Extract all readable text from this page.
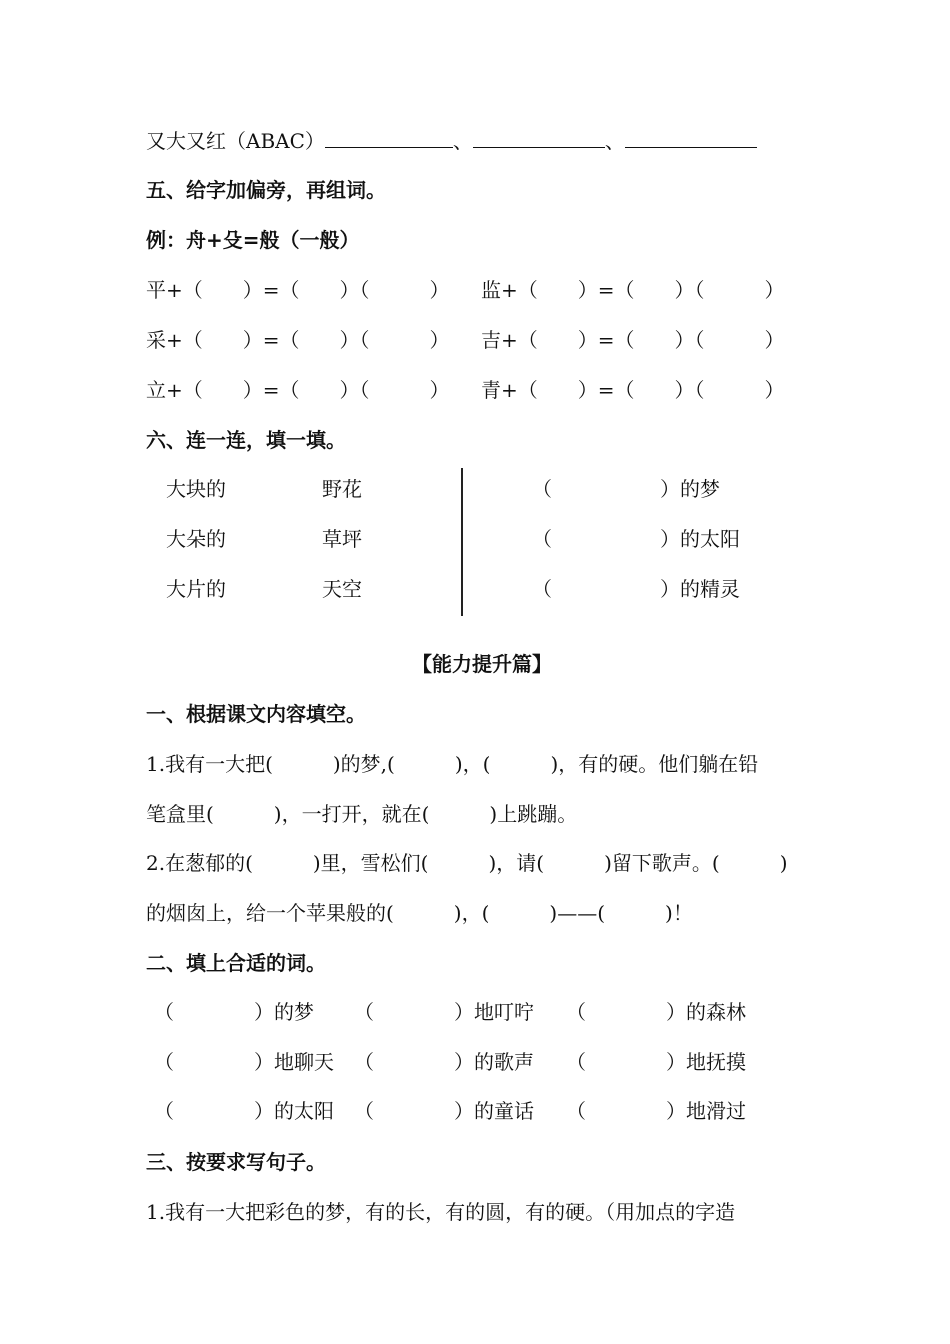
又大又红（ABAC）	、	、
五、给字加偏旁，再组词。
例：舟+殳=般（一般）
平+（　　）=（　　）（　　　） 监+（　　）=（　　）（　　　）
采+（　　）=（　　）（　　　） 吉+（　　）=（　　）（　　　）
立+（　　）=（　　）（　　　） 青+（　　）=（　　）（　　　）
六、连一连，填一填。
大块的	野花	（	）的梦
大朵的	草坪	（	）的太阳
大片的	天空	（	）的精灵
【能力提升篇】
一、根据课文内容填空。
1.我有一大把(　　　)的梦,(　　　)，(　　　)，有的硬。他们躺在铅
笔盒里(　　　)，一打开，就在(　　　)上跳蹦。
2.在葱郁的(　　　)里，雪松们(　　　)，请(　　　)留下歌声。(　　　)
的烟囱上，给一个苹果般的(　　　)，(　　　)——(　　　)！
二、填上合适的词。
（　　　　）的梦 （　　　　）地叮咛 （　　　　）的森林
（　　　　）地聊天 （　　　　）的歌声 （　　　　）地抚摸
（　　　　）的太阳 （　　　　）的童话 （　　　　）地滑过
三、按要求写句子。
1.我有一大把彩色的梦，有的长，有的圆，有的硬。（用加点的字造
